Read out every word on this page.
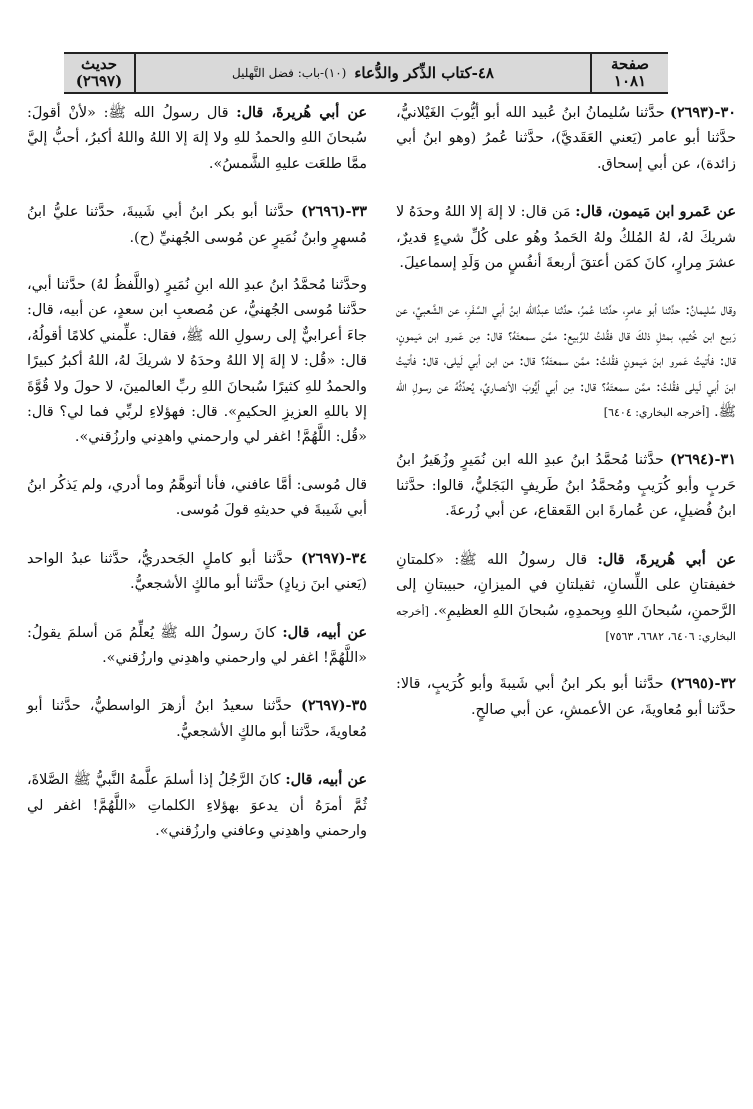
صفحة
١٠٨١
٤٨-كتاب الذِّكر والدُّعاء
(١٠)-باب: فضل التَّهليل
حديث
(٢٦٩٧)

٣٠-(٢٦٩٣) حدَّثنا سُليمانُ ابنُ عُبيد الله أبو أيُّوبَ الغَيْلانيُّ، حدَّثنا أبو عامر (يَعني العَقَديَّ)، حدَّثنا عُمرُ (وهو ابنُ أبي زائدة)، عن أبي إسحاق.

عن عَمرو ابن مَيمون، قال: مَن قال: لا إلهَ إلا اللهُ وحدَهُ لا شريكَ لهُ، لهُ المُلكُ ولهُ الحَمدُ وهُو على كُلِّ شيءٍ قديرٌ، عشرَ مِرارٍ، كانَ كمَن أعتقَ أربعةَ أنفُسٍ من وَلَدِ إسماعيلَ.

وقال سُليمانُ: حدَّثنا أبو عامرٍ، حدَّثنا عُمرُ، حدَّثنا عبدُالله ابنُ أبي السَّفَرِ، عن الشَّعبيِّ، عن رَبيع ابن خُثيم، بمثلِ ذلكَ قال فقُلتُ للرَّبيع: ممَّن سمعتَهُ؟ قال: مِن عَمرو ابن مَيمونٍ، قال: فأتيتُ عَمرو ابنَ مَيمونٍ فقُلتُ: ممَّن سمعتَهُ؟ قال: من ابن أبي لَيلى، قال: فأتيتُ ابنَ أبي لَيلى فقُلتُ: ممَّن سمعتَهُ؟ قال: مِن أبي أيُّوبَ الأنصاريِّ، يُحدِّثُهُ عن رسولِ الله ﷺ. [أخرجه البخاري: ٦٤٠٤]

٣١-(٢٦٩٤) حدَّثنا مُحمَّدُ ابنُ عبدِ الله ابن نُمَيرٍ وزُهَيرُ ابنُ حَربٍ وأبو كُرَيبٍ ومُحمَّدُ ابنُ طَريفٍ البَجَليُّ، قالوا: حدَّثنا ابنُ فُضيلٍ، عن عُمارةَ ابن القَعقاع، عن أبي زُرعةَ.

عن أبي هُريرةَ، قال: قال رسولُ الله ﷺ: «كلمتانِ خفيفتانِ على اللِّسانِ، ثقيلتانِ في الميزانِ، حبيبتانِ إلى الرَّحمنِ، سُبحانَ اللهِ وبِحمدِهِ، سُبحانَ اللهِ العظيمِ». [أخرجه البخاري: ٦٤٠٦، ٦٦٨٢، ٧٥٦٣]

٣٢-(٢٦٩٥) حدَّثنا أبو بكر ابنُ أبي شَيبةَ وأبو كُرَيبٍ، قالا: حدَّثنا أبو مُعاويةَ، عن الأعمشِ، عن أبي صالحٍ.

عن أبي هُريرةَ، قال: قال رسولُ الله ﷺ: «لأنْ أقولَ: سُبحانَ اللهِ والحمدُ للهِ ولا إلهَ إلا اللهُ واللهُ أكبرُ، أحبُّ إليَّ ممَّا طلعَت عليهِ الشَّمسُ».

٣٣-(٢٦٩٦) حدَّثنا أبو بكر ابنُ أبي شَيبةَ، حدَّثنا عليُّ ابنُ مُسهرٍ وابنُ نُمَيرٍ عن مُوسى الجُهنيِّ (ح).

وحدَّثنا مُحمَّدُ ابنُ عبدِ الله ابنِ نُمَيرٍ (واللَّفظُ لهُ) حدَّثنا أبي، حدَّثنا مُوسى الجُهنيُّ، عن مُصعبِ ابن سعدٍ، عن أبيه، قال: جاءَ أعرابيٌّ إلى رسولِ الله ﷺ، فقال: علِّمني كلامًا أقولُهُ، قال: «قُل: لا إلهَ إلا اللهُ وحدَهُ لا شريكَ لهُ، اللهُ أكبرُ كبيرًا والحمدُ للهِ كثيرًا سُبحانَ اللهِ ربِّ العالمينَ، لا حولَ ولا قُوَّةَ إلا باللهِ العزيزِ الحكيمِ». قال: فهؤلاءِ لربِّي فما لي؟ قال: «قُل: اللَّهُمَّ! اغفر لي وارحمني واهدِني وارزُقني».

قال مُوسى: أمَّا عافني، فأنا أتوهَّمُ وما أدري، ولم يَذكُر ابنُ أبي شَيبةَ في حديثهِ قولَ مُوسى.

٣٤-(٢٦٩٧) حدَّثنا أبو كاملٍ الجَحدريُّ، حدَّثنا عبدُ الواحد (يَعني ابنَ زيادٍ) حدَّثنا أبو مالكٍ الأشجعيُّ.

عن أبيه، قال: كانَ رسولُ الله ﷺ يُعلِّمُ مَن أسلمَ يقولُ: «اللَّهُمَّ! اغفر لي وارحمني واهدِني وارزُقني».

٣٥-(٢٦٩٧) حدَّثنا سعيدُ ابنُ أزهرَ الواسطيُّ، حدَّثنا أبو مُعاويةَ، حدَّثنا أبو مالكٍ الأشجعيُّ.

عن أبيه، قال: كانَ الرَّجُلُ إذا أسلمَ علَّمهُ النَّبيُّ ﷺ الصَّلاةَ، ثُمَّ أمرَهُ أن يدعوَ بهؤلاءِ الكلماتِ «اللَّهُمَّ! اغفر لي وارحمني واهدِني وعافني وارزُقني».
